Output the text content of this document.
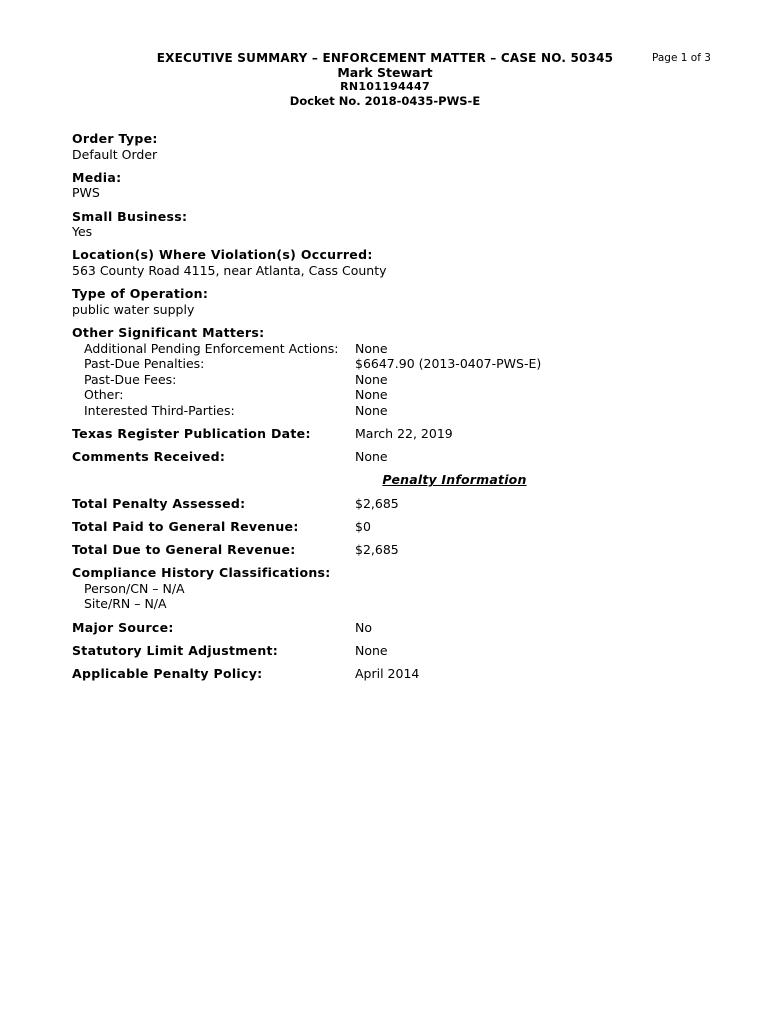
EXECUTIVE SUMMARY – ENFORCEMENT MATTER – CASE NO. 50345
Mark Stewart
RN101194447
Docket No. 2018-0435-PWS-E
Page 1 of 3
Order Type:
Default Order
Media:
PWS
Small Business:
Yes
Location(s) Where Violation(s) Occurred:
563 County Road 4115, near Atlanta, Cass County
Type of Operation:
public water supply
Other Significant Matters:
Additional Pending Enforcement Actions:	None
Past-Due Penalties:	$6647.90 (2013-0407-PWS-E)
Past-Due Fees:	None
Other:	None
Interested Third-Parties:	None
Texas Register Publication Date:	March 22, 2019
Comments Received:	None
Penalty Information
Total Penalty Assessed:	$2,685
Total Paid to General Revenue:	$0
Total Due to General Revenue:	$2,685
Compliance History Classifications:
Person/CN – N/A
Site/RN – N/A
Major Source:	No
Statutory Limit Adjustment:	None
Applicable Penalty Policy:	April 2014
